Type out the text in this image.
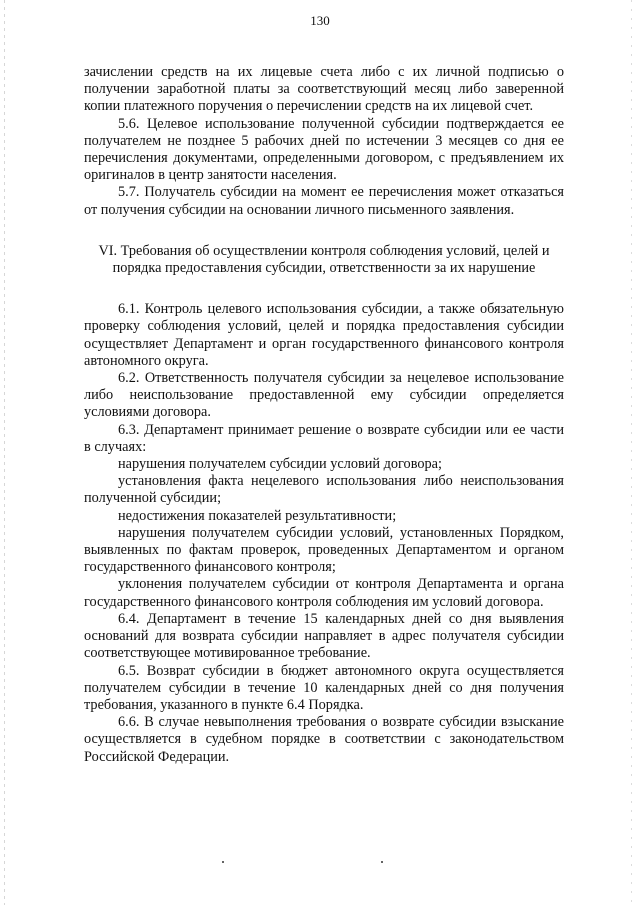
130

зачислении средств на их лицевые счета либо с их личной подписью о получении заработной платы за соответствующий месяц либо заверенной копии платежного поручения о перечислении средств на их лицевой счет.

5.6. Целевое использование полученной субсидии подтверждается ее получателем не позднее 5 рабочих дней по истечении 3 месяцев со дня ее перечисления документами, определенными договором, с предъявлением их оригиналов в центр занятости населения.

5.7. Получатель субсидии на момент ее перечисления может отказаться от получения субсидии на основании личного письменного заявления.

VI. Требования об осуществлении контроля соблюдения условий, целей и порядка предоставления субсидии, ответственности за их нарушение

6.1. Контроль целевого использования субсидии, а также обязательную проверку соблюдения условий, целей и порядка предоставления субсидии осуществляет Департамент и орган государственного финансового контроля автономного округа.

6.2. Ответственность получателя субсидии за нецелевое использование либо неиспользование предоставленной ему субсидии определяется условиями договора.

6.3. Департамент принимает решение о возврате субсидии или ее части в случаях:

нарушения получателем субсидии условий договора;

установления факта нецелевого использования либо неиспользования полученной субсидии;

недостижения показателей результативности;

нарушения получателем субсидии условий, установленных Порядком, выявленных по фактам проверок, проведенных Департаментом и органом государственного финансового контроля;

уклонения получателем субсидии от контроля Департамента и органа государственного финансового контроля соблюдения им условий договора.

6.4. Департамент в течение 15 календарных дней со дня выявления оснований для возврата субсидии направляет в адрес получателя субсидии соответствующее мотивированное требование.

6.5. Возврат субсидии в бюджет автономного округа осуществляется получателем субсидии в течение 10 календарных дней со дня получения требования, указанного в пункте 6.4 Порядка.

6.6. В случае невыполнения требования о возврате субсидии взыскание осуществляется в судебном порядке в соответствии с законодательством Российской Федерации.
